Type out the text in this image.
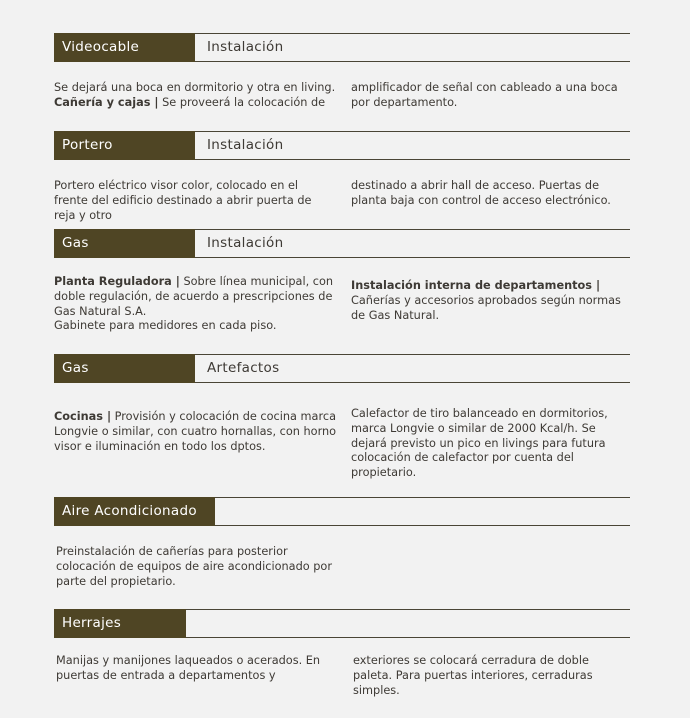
Videocable	Instalación
Se dejará una boca en dormitorio y otra en living.
Cañería y cajas | Se proveerá la colocación de
amplificador de señal con cableado a una boca por departamento.
Portero	Instalación
Portero eléctrico visor color, colocado en el frente del edificio destinado a abrir puerta de reja y otro
destinado a abrir hall de acceso. Puertas de planta baja con control de acceso electrónico.
Gas	Instalación
Planta Reguladora | Sobre línea municipal, con doble regulación, de acuerdo a prescripciones de Gas Natural S.A.
Gabinete para medidores en cada piso.
Instalación interna de departamentos | Cañerías y accesorios aprobados según normas de Gas Natural.
Gas	Artefactos
Cocinas | Provisión y colocación de cocina marca Longvie o similar, con cuatro hornallas, con horno visor e iluminación en todo los dptos.
Calefactor de tiro balanceado en dormitorios, marca Longvie o similar de 2000 Kcal/h. Se dejará previsto un pico en livings para futura colocación de calefactor por cuenta del propietario.
Aire Acondicionado
Preinstalación de cañerías para posterior colocación de equipos de aire acondicionado por parte del propietario.
Herrajes
Manijas y manijones laqueados o acerados. En puertas de entrada a departamentos y
exteriores se colocará cerradura de doble paleta. Para puertas interiores, cerraduras simples.
